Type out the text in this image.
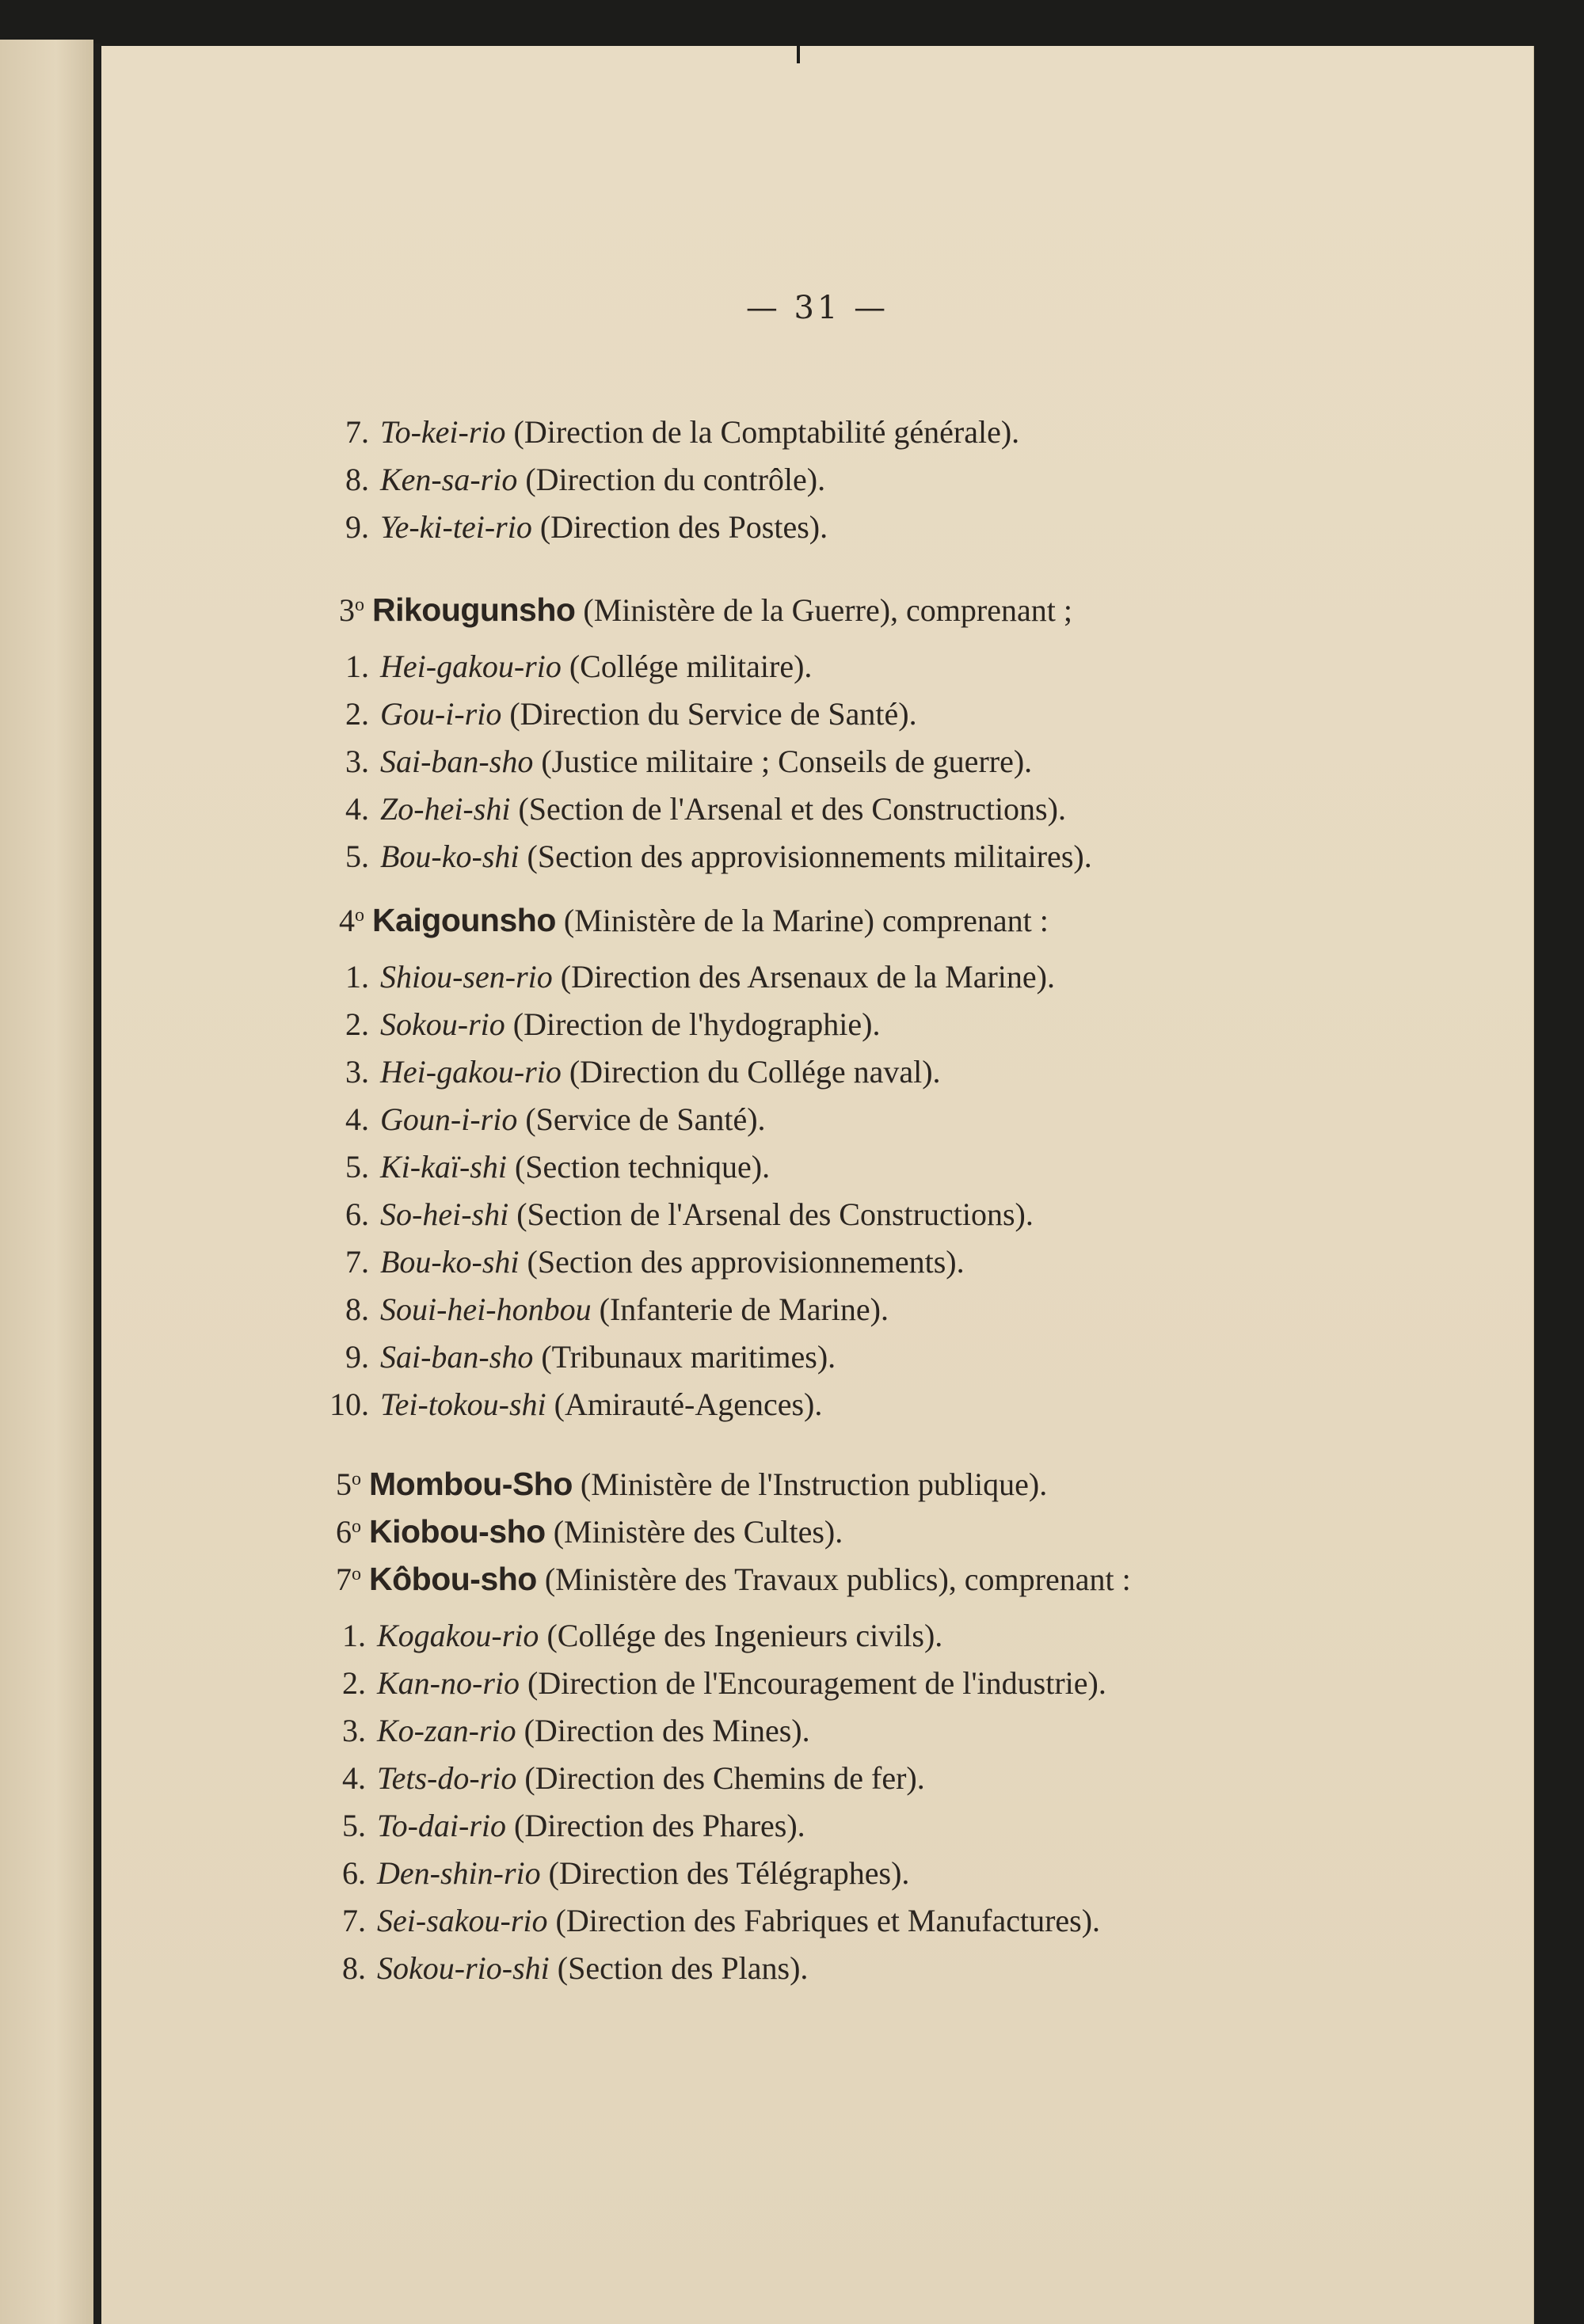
— 31 —
7. To-kei-rio (Direction de la Comptabilité générale).
8. Ken-sa-rio (Direction du contrôle).
9. Ye-ki-tei-rio (Direction des Postes).
3$^o$ Rikougunsho (Ministère de la Guerre), comprenant ;
1. Hei-gakou-rio (Collége militaire).
2. Gou-i-rio (Direction du Service de Santé).
3. Sai-ban-sho (Justice militaire ; Conseils de guerre).
4. Zo-hei-shi (Section de l'Arsenal et des Constructions).
5. Bou-ko-shi (Section des approvisionnements militaires).
4$^o$ Kaigounsho (Ministère de la Marine) comprenant :
1. Shiou-sen-rio (Direction des Arsenaux de la Marine).
2. Sokou-rio (Direction de l'hydographie).
3. Hei-gakou-rio (Direction du Collége naval).
4. Goun-i-rio (Service de Santé).
5. Ki-kaï-shi (Section technique).
6. So-hei-shi (Section de l'Arsenal des Constructions).
7. Bou-ko-shi (Section des approvisionnements).
8. Soui-hei-honbou (Infanterie de Marine).
9. Sai-ban-sho (Tribunaux maritimes).
10. Tei-tokou-shi (Amirauté-Agences).
5$^o$ Mombou-Sho (Ministère de l'Instruction publique).
6$^o$ Kiobou-sho (Ministère des Cultes).
7$^o$ Kôbou-sho (Ministère des Travaux publics), comprenant :
1. Kogakou-rio (Collége des Ingenieurs civils).
2. Kan-no-rio (Direction de l'Encouragement de l'industrie).
3. Ko-zan-rio (Direction des Mines).
4. Tets-do-rio (Direction des Chemins de fer).
5. To-dai-rio (Direction des Phares).
6. Den-shin-rio (Direction des Télégraphes).
7. Sei-sakou-rio (Direction des Fabriques et Manufactures).
8. Sokou-rio-shi (Section des Plans).
